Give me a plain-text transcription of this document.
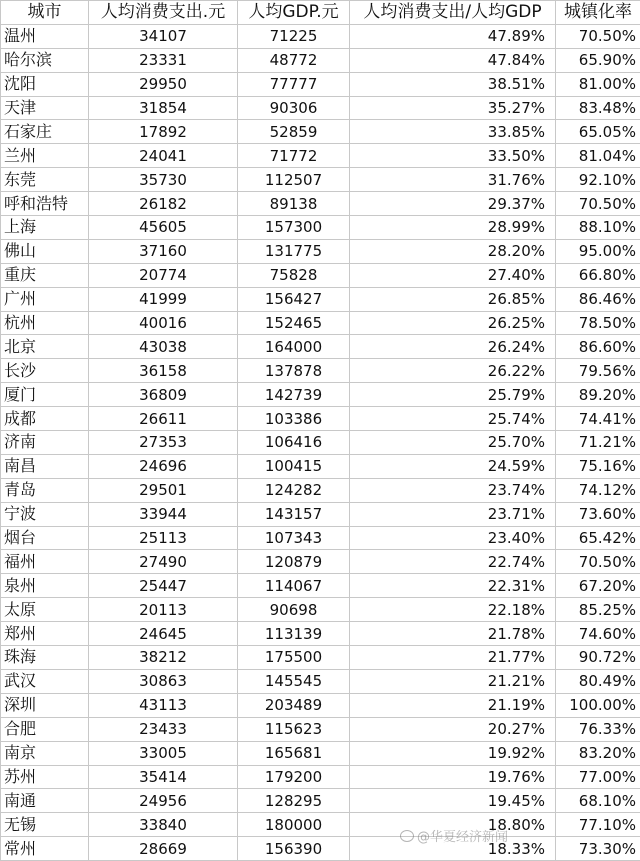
城市	人均消费支出.元	人均GDP.元	人均消费支出/人均GDP	城镇化率
温州	34107	71225	47.89%	70.50%
哈尔滨	23331	48772	47.84%	65.90%
沈阳	29950	77777	38.51%	81.00%
天津	31854	90306	35.27%	83.48%
石家庄	17892	52859	33.85%	65.05%
兰州	24041	71772	33.50%	81.04%
东莞	35730	112507	31.76%	92.10%
呼和浩特	26182	89138	29.37%	70.50%
上海	45605	157300	28.99%	88.10%
佛山	37160	131775	28.20%	95.00%
重庆	20774	75828	27.40%	66.80%
广州	41999	156427	26.85%	86.46%
杭州	40016	152465	26.25%	78.50%
北京	43038	164000	26.24%	86.60%
长沙	36158	137878	26.22%	79.56%
厦门	36809	142739	25.79%	89.20%
成都	26611	103386	25.74%	74.41%
济南	27353	106416	25.70%	71.21%
南昌	24696	100415	24.59%	75.16%
青岛	29501	124282	23.74%	74.12%
宁波	33944	143157	23.71%	73.60%
烟台	25113	107343	23.40%	65.42%
福州	27490	120879	22.74%	70.50%
泉州	25447	114067	22.31%	67.20%
太原	20113	90698	22.18%	85.25%
郑州	24645	113139	21.78%	74.60%
珠海	38212	175500	21.77%	90.72%
武汉	30863	145545	21.21%	80.49%
深圳	43113	203489	21.19%	100.00%
合肥	23433	115623	20.27%	76.33%
南京	33005	165681	19.92%	83.20%
苏州	35414	179200	19.76%	77.00%
南通	24956	128295	19.45%	68.10%
无锡	33840	180000	18.80%	77.10%
常州	28669	156390	18.33%	73.30%
@华夏经济新闻
